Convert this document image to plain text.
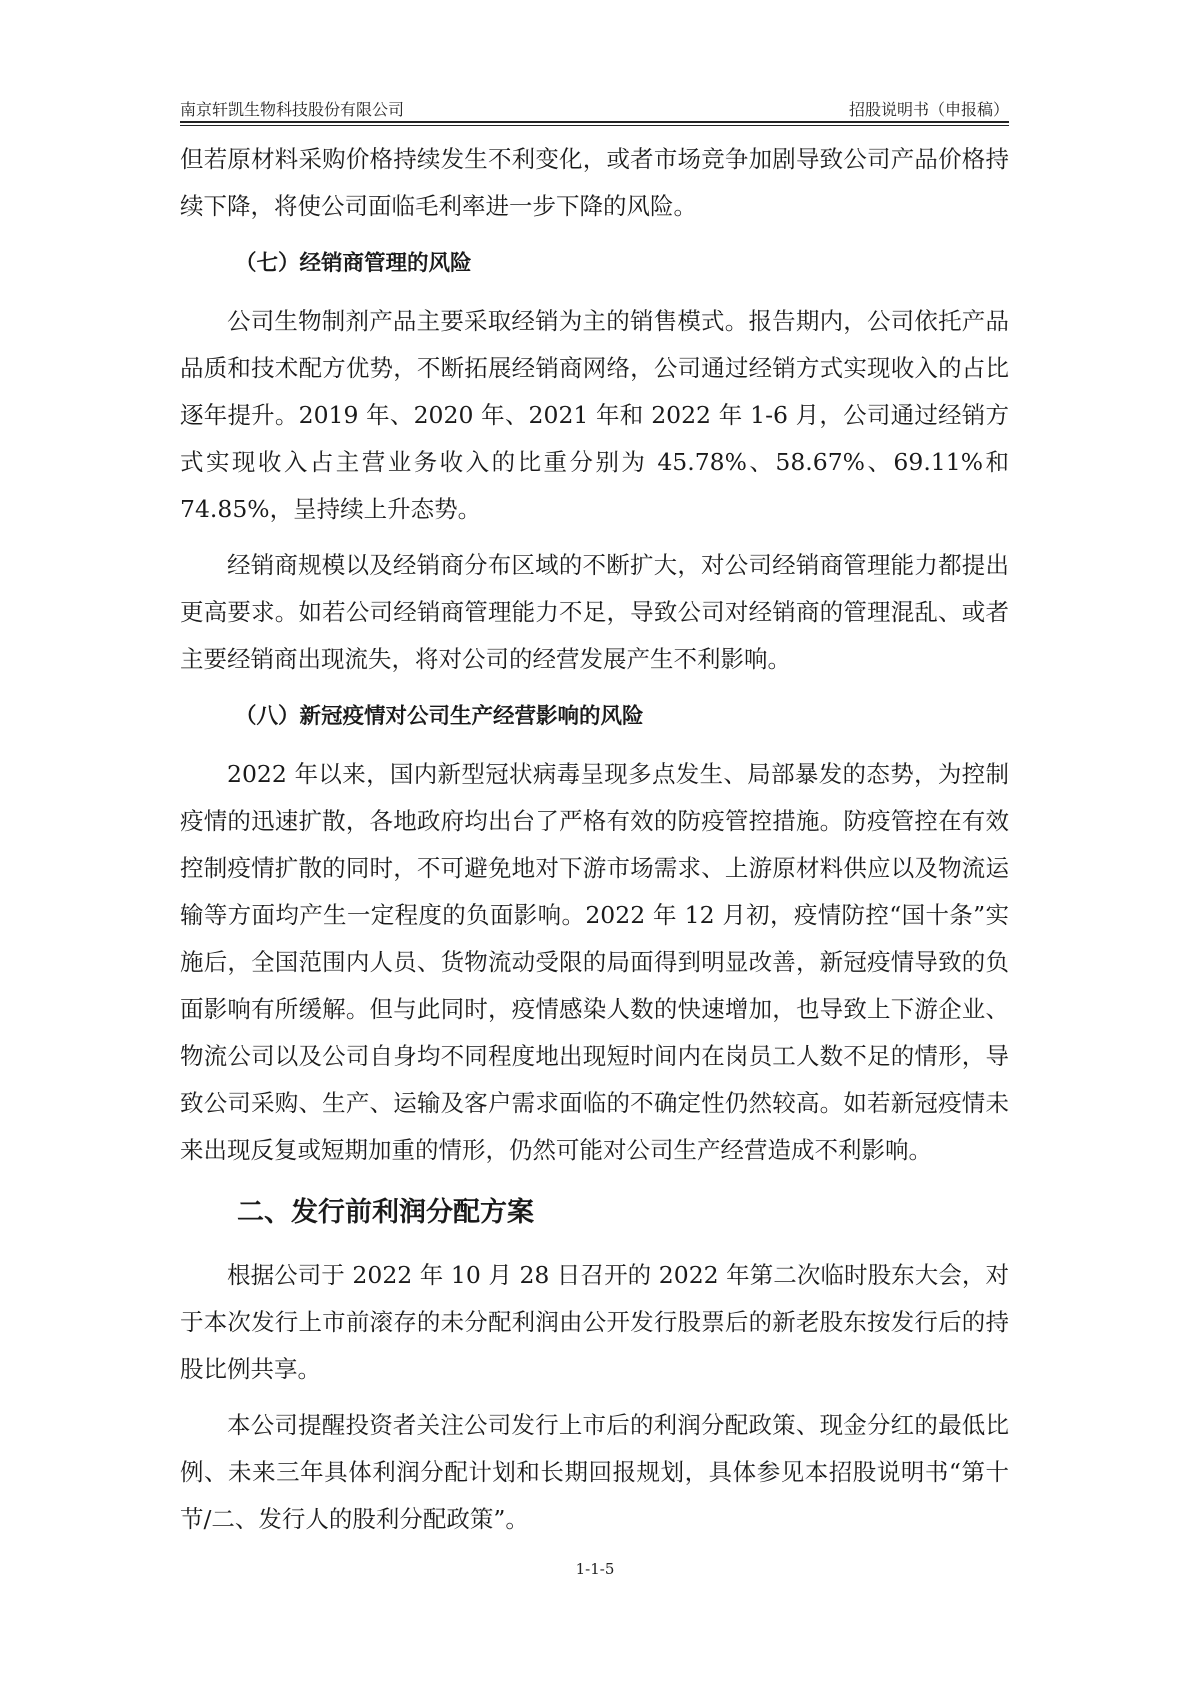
南京轩凯生物科技股份有限公司	招股说明书（申报稿）

但若原材料采购价格持续发生不利变化，或者市场竞争加剧导致公司产品价格持续下降，将使公司面临毛利率进一步下降的风险。

（七）经销商管理的风险

公司生物制剂产品主要采取经销为主的销售模式。报告期内，公司依托产品品质和技术配方优势，不断拓展经销商网络，公司通过经销方式实现收入的占比逐年提升。2019 年、2020 年、2021 年和 2022 年 1-6 月，公司通过经销方式实现收入占主营业务收入的比重分别为 45.78%、58.67%、69.11%和 74.85%，呈持续上升态势。

经销商规模以及经销商分布区域的不断扩大，对公司经销商管理能力都提出更高要求。如若公司经销商管理能力不足，导致公司对经销商的管理混乱、或者主要经销商出现流失，将对公司的经营发展产生不利影响。

（八）新冠疫情对公司生产经营影响的风险

2022 年以来，国内新型冠状病毒呈现多点发生、局部暴发的态势，为控制疫情的迅速扩散，各地政府均出台了严格有效的防疫管控措施。防疫管控在有效控制疫情扩散的同时，不可避免地对下游市场需求、上游原材料供应以及物流运输等方面均产生一定程度的负面影响。2022 年 12 月初，疫情防控“国十条”实施后，全国范围内人员、货物流动受限的局面得到明显改善，新冠疫情导致的负面影响有所缓解。但与此同时，疫情感染人数的快速增加，也导致上下游企业、物流公司以及公司自身均不同程度地出现短时间内在岗员工人数不足的情形，导致公司采购、生产、运输及客户需求面临的不确定性仍然较高。如若新冠疫情未来出现反复或短期加重的情形，仍然可能对公司生产经营造成不利影响。

二、发行前利润分配方案

根据公司于 2022 年 10 月 28 日召开的 2022 年第二次临时股东大会，对于本次发行上市前滚存的未分配利润由公开发行股票后的新老股东按发行后的持股比例共享。

本公司提醒投资者关注公司发行上市后的利润分配政策、现金分红的最低比例、未来三年具体利润分配计划和长期回报规划，具体参见本招股说明书“第十节/二、发行人的股利分配政策”。

1-1-5
